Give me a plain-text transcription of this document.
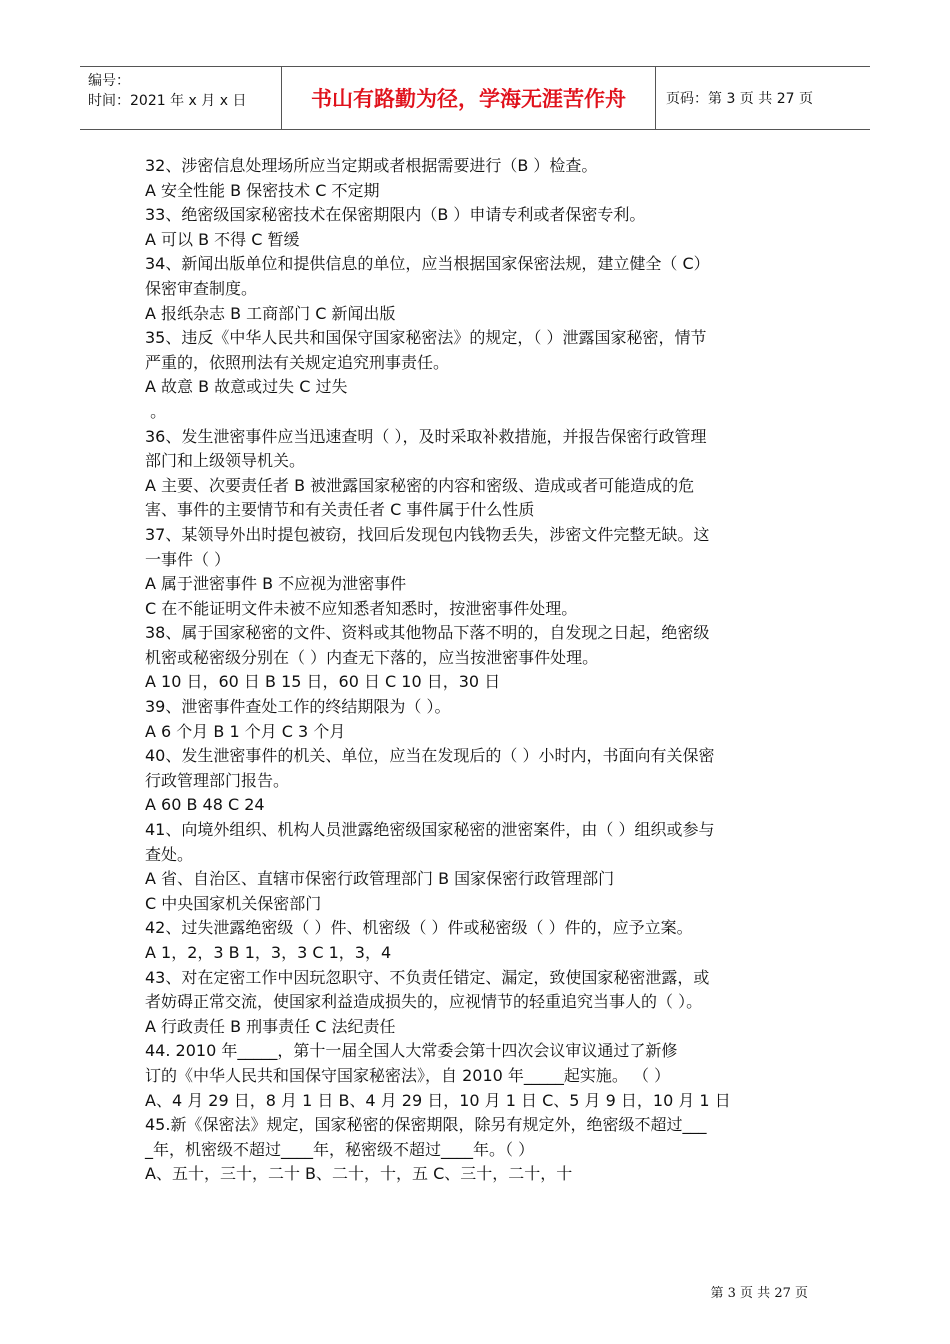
编号：
时间：2021 年 x 月 x 日	书山有路勤为径，学海无涯苦作舟	页码：第 3 页 共 27 页
32、涉密信息处理场所应当定期或者根据需要进行（B ）检查。
A 安全性能 B 保密技术 C 不定期
33、绝密级国家秘密技术在保密期限内（B ）申请专利或者保密专利。
A 可以 B 不得 C 暂缓
34、新闻出版单位和提供信息的单位，应当根据国家保密法规，建立健全（ C）
保密审查制度。
A 报纸杂志 B 工商部门 C 新闻出版
35、违反《中华人民共和国保守国家秘密法》的规定，（ ）泄露国家秘密，情节
严重的，依照刑法有关规定追究刑事责任。
A 故意 B 故意或过失 C 过失
。
36、发生泄密事件应当迅速查明（ ），及时采取补救措施，并报告保密行政管理
部门和上级领导机关。
A 主要、次要责任者 B 被泄露国家秘密的内容和密级、造成或者可能造成的危
害、事件的主要情节和有关责任者 C 事件属于什么性质
37、某领导外出时提包被窃，找回后发现包内钱物丢失，涉密文件完整无缺。这
一事件（ ）
A 属于泄密事件 B 不应视为泄密事件
C 在不能证明文件未被不应知悉者知悉时，按泄密事件处理。
38、属于国家秘密的文件、资料或其他物品下落不明的，自发现之日起，绝密级
机密或秘密级分别在（ ）内查无下落的，应当按泄密事件处理。
A 10 日，60 日 B 15 日，60 日 C 10 日，30 日
39、泄密事件查处工作的终结期限为（ ）。
A 6 个月 B 1 个月 C 3 个月
40、发生泄密事件的机关、单位，应当在发现后的（ ）小时内，书面向有关保密
行政管理部门报告。
A 60 B 48 C 24
41、向境外组织、机构人员泄露绝密级国家秘密的泄密案件，由（ ）组织或参与
查处。
A 省、自治区、直辖市保密行政管理部门 B 国家保密行政管理部门
C 中央国家机关保密部门
42、过失泄露绝密级（ ）件、机密级（ ）件或秘密级（ ）件的，应予立案。
A 1，2，3 B 1，3，3 C 1，3，4
43、对在定密工作中因玩忽职守、不负责任错定、漏定，致使国家秘密泄露，或
者妨碍正常交流，使国家利益造成损失的，应视情节的轻重追究当事人的（ ）。
A 行政责任 B 刑事责任 C 法纪责任
44. 2010 年_____，第十一届全国人大常委会第十四次会议审议通过了新修
订的《中华人民共和国保守国家秘密法》，自 2010 年_____起实施。 （ ）
A、4 月 29 日，8 月 1 日 B、4 月 29 日，10 月 1 日 C、5 月 9 日，10 月 1 日
45.新《保密法》规定，国家秘密的保密期限，除另有规定外，绝密级不超过___
_年，机密级不超过____年，秘密级不超过____年。（ ）
A、五十，三十，二十 B、二十，十，五 C、三十，二十，十
第 3 页 共 27 页
